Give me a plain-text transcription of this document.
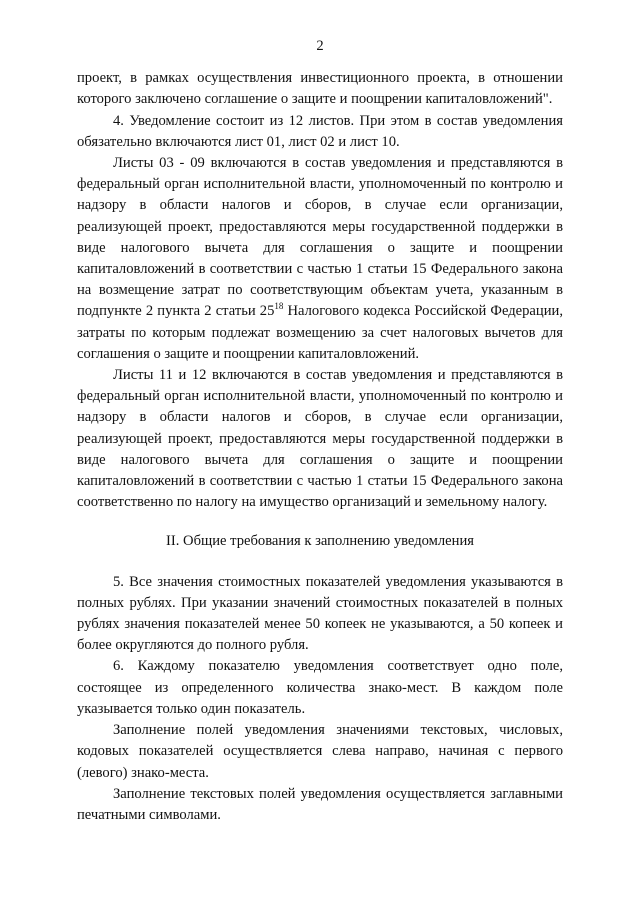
2

проект, в рамках осуществления инвестиционного проекта, в отношении которого заключено соглашение о защите и поощрении капиталовложений".

4. Уведомление состоит из 12 листов. При этом в состав уведомления обязательно включаются лист 01, лист 02 и лист 10.

Листы 03 - 09 включаются в состав уведомления и представляются в федеральный орган исполнительной власти, уполномоченный по контролю и надзору в области налогов и сборов, в случае если организации, реализующей проект, предоставляются меры государственной поддержки в виде налогового вычета для соглашения о защите и поощрении капиталовложений в соответствии с частью 1 статьи 15 Федерального закона на возмещение затрат по соответствующим объектам учета, указанным в подпункте 2 пункта 2 статьи $25^{18}$ Налогового кодекса Российской Федерации, затраты по которым подлежат возмещению за счет налоговых вычетов для соглашения о защите и поощрении капиталовложений.

Листы 11 и 12 включаются в состав уведомления и представляются в федеральный орган исполнительной власти, уполномоченный по контролю и надзору в области налогов и сборов, в случае если организации, реализующей проект, предоставляются меры государственной поддержки в виде налогового вычета для соглашения о защите и поощрении капиталовложений в соответствии с частью 1 статьи 15 Федерального закона соответственно по налогу на имущество организаций и земельному налогу.

II. Общие требования к заполнению уведомления

5. Все значения стоимостных показателей уведомления указываются в полных рублях. При указании значений стоимостных показателей в полных рублях значения показателей менее 50 копеек не указываются, а 50 копеек и более округляются до полного рубля.

6. Каждому показателю уведомления соответствует одно поле, состоящее из определенного количества знако-мест. В каждом поле указывается только один показатель.

Заполнение полей уведомления значениями текстовых, числовых, кодовых показателей осуществляется слева направо, начиная с первого (левого) знако-места.

Заполнение текстовых полей уведомления осуществляется заглавными печатными символами.
